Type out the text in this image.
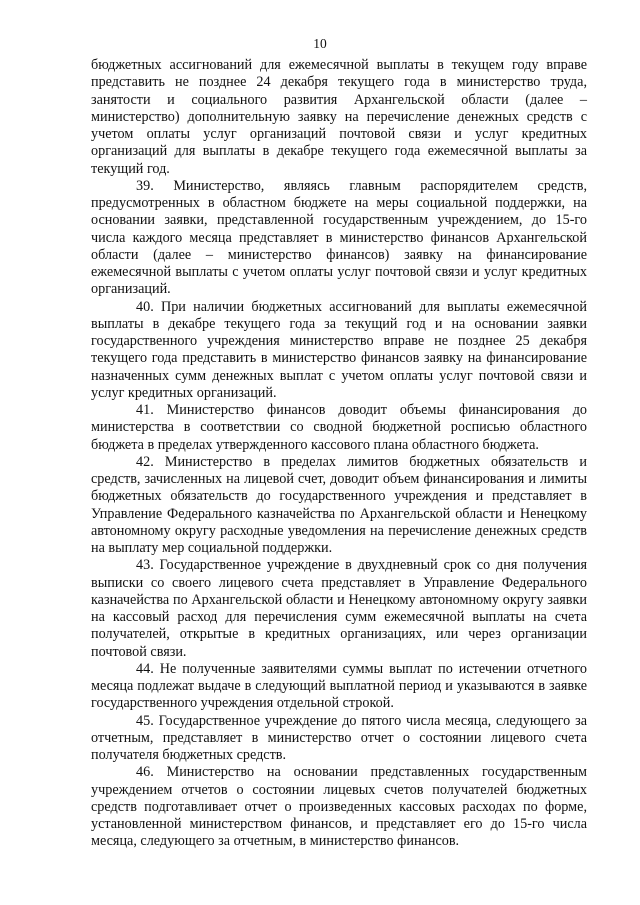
10

бюджетных ассигнований для ежемесячной выплаты в текущем году вправе представить не позднее 24 декабря текущего года в министерство труда, занятости и социального развития Архангельской области (далее – министерство) дополнительную заявку на перечисление денежных средств с учетом оплаты услуг организаций почтовой связи и услуг кредитных организаций для выплаты в декабре текущего года ежемесячной выплаты за текущий год.

39. Министерство, являясь главным распорядителем средств, предусмотренных в областном бюджете на меры социальной поддержки, на основании заявки, представленной государственным учреждением, до 15-го числа каждого месяца представляет в министерство финансов Архангельской области (далее – министерство финансов) заявку на финансирование ежемесячной выплаты с учетом оплаты услуг почтовой связи и услуг кредитных организаций.

40. При наличии бюджетных ассигнований для выплаты ежемесячной выплаты в декабре текущего года за текущий год и на основании заявки государственного учреждения министерство вправе не позднее 25 декабря текущего года представить в министерство финансов заявку на финансирование назначенных сумм денежных выплат с учетом оплаты услуг почтовой связи и услуг кредитных организаций.

41. Министерство финансов доводит объемы финансирования до министерства в соответствии со сводной бюджетной росписью областного бюджета в пределах утвержденного кассового плана областного бюджета.

42. Министерство в пределах лимитов бюджетных обязательств и средств, зачисленных на лицевой счет, доводит объем финансирования и лимиты бюджетных обязательств до государственного учреждения и представляет в Управление Федерального казначейства по Архангельской области и Ненецкому автономному округу расходные уведомления на перечисление денежных средств на выплату мер социальной поддержки.

43. Государственное учреждение в двухдневный срок со дня получения выписки со своего лицевого счета представляет в Управление Федерального казначейства по Архангельской области и Ненецкому автономному округу заявки на кассовый расход для перечисления сумм ежемесячной выплаты на счета получателей, открытые в кредитных организациях, или через организации почтовой связи.

44. Не полученные заявителями суммы выплат по истечении отчетного месяца подлежат выдаче в следующий выплатной период и указываются в заявке государственного учреждения отдельной строкой.

45. Государственное учреждение до пятого числа месяца, следующего за отчетным, представляет в министерство отчет о состоянии лицевого счета получателя бюджетных средств.

46. Министерство на основании представленных государственным учреждением отчетов о состоянии лицевых счетов получателей бюджетных средств подготавливает отчет о произведенных кассовых расходах по форме, установленной министерством финансов, и представляет его до 15-го числа месяца, следующего за отчетным, в министерство финансов.
